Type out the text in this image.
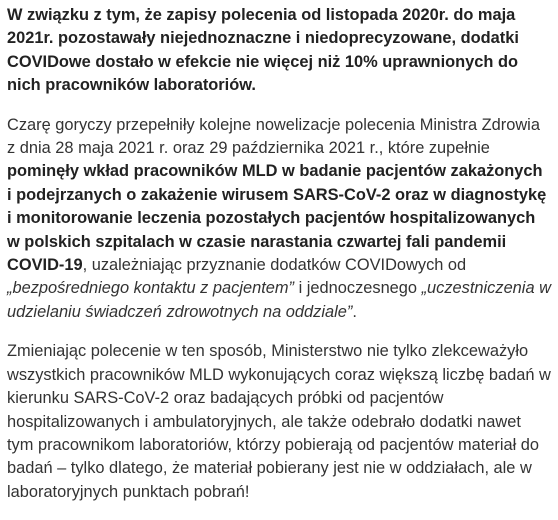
W związku z tym, że zapisy polecenia od listopada 2020r. do maja 2021r. pozostawały niejednoznaczne i niedoprecyzowane, dodatki COVIDowe dostało w efekcie nie więcej niż 10% uprawnionych do nich pracowników laboratoriów.

Czarę goryczy przepełniły kolejne nowelizacje polecenia Ministra Zdrowia z dnia 28 maja 2021 r. oraz 29 października 2021 r., które zupełnie pominęły wkład pracowników MLD w badanie pacjentów zakażonych i podejrzanych o zakażenie wirusem SARS-CoV-2 oraz w diagnostykę i monitorowanie leczenia pozostałych pacjentów hospitalizowanych w polskich szpitalach w czasie narastania czwartej fali pandemii COVID-19, uzależniając przyznanie dodatków COVIDowych od „bezpośredniego kontaktu z pacjentem” i jednoczesnego „uczestniczenia w udzielaniu świadczeń zdrowotnych na oddziale”.

Zmieniając polecenie w ten sposób, Ministerstwo nie tylko zlekceważyło wszystkich pracowników MLD wykonujących coraz większą liczbę badań w kierunku SARS-CoV-2 oraz badających próbki od pacjentów hospitalizowanych i ambulatoryjnych, ale także odebrało dodatki nawet tym pracownikom laboratoriów, którzy pobierają od pacjentów materiał do badań – tylko dlatego, że materiał pobierany jest nie w oddziałach, ale w laboratoryjnych punktach pobrań!
